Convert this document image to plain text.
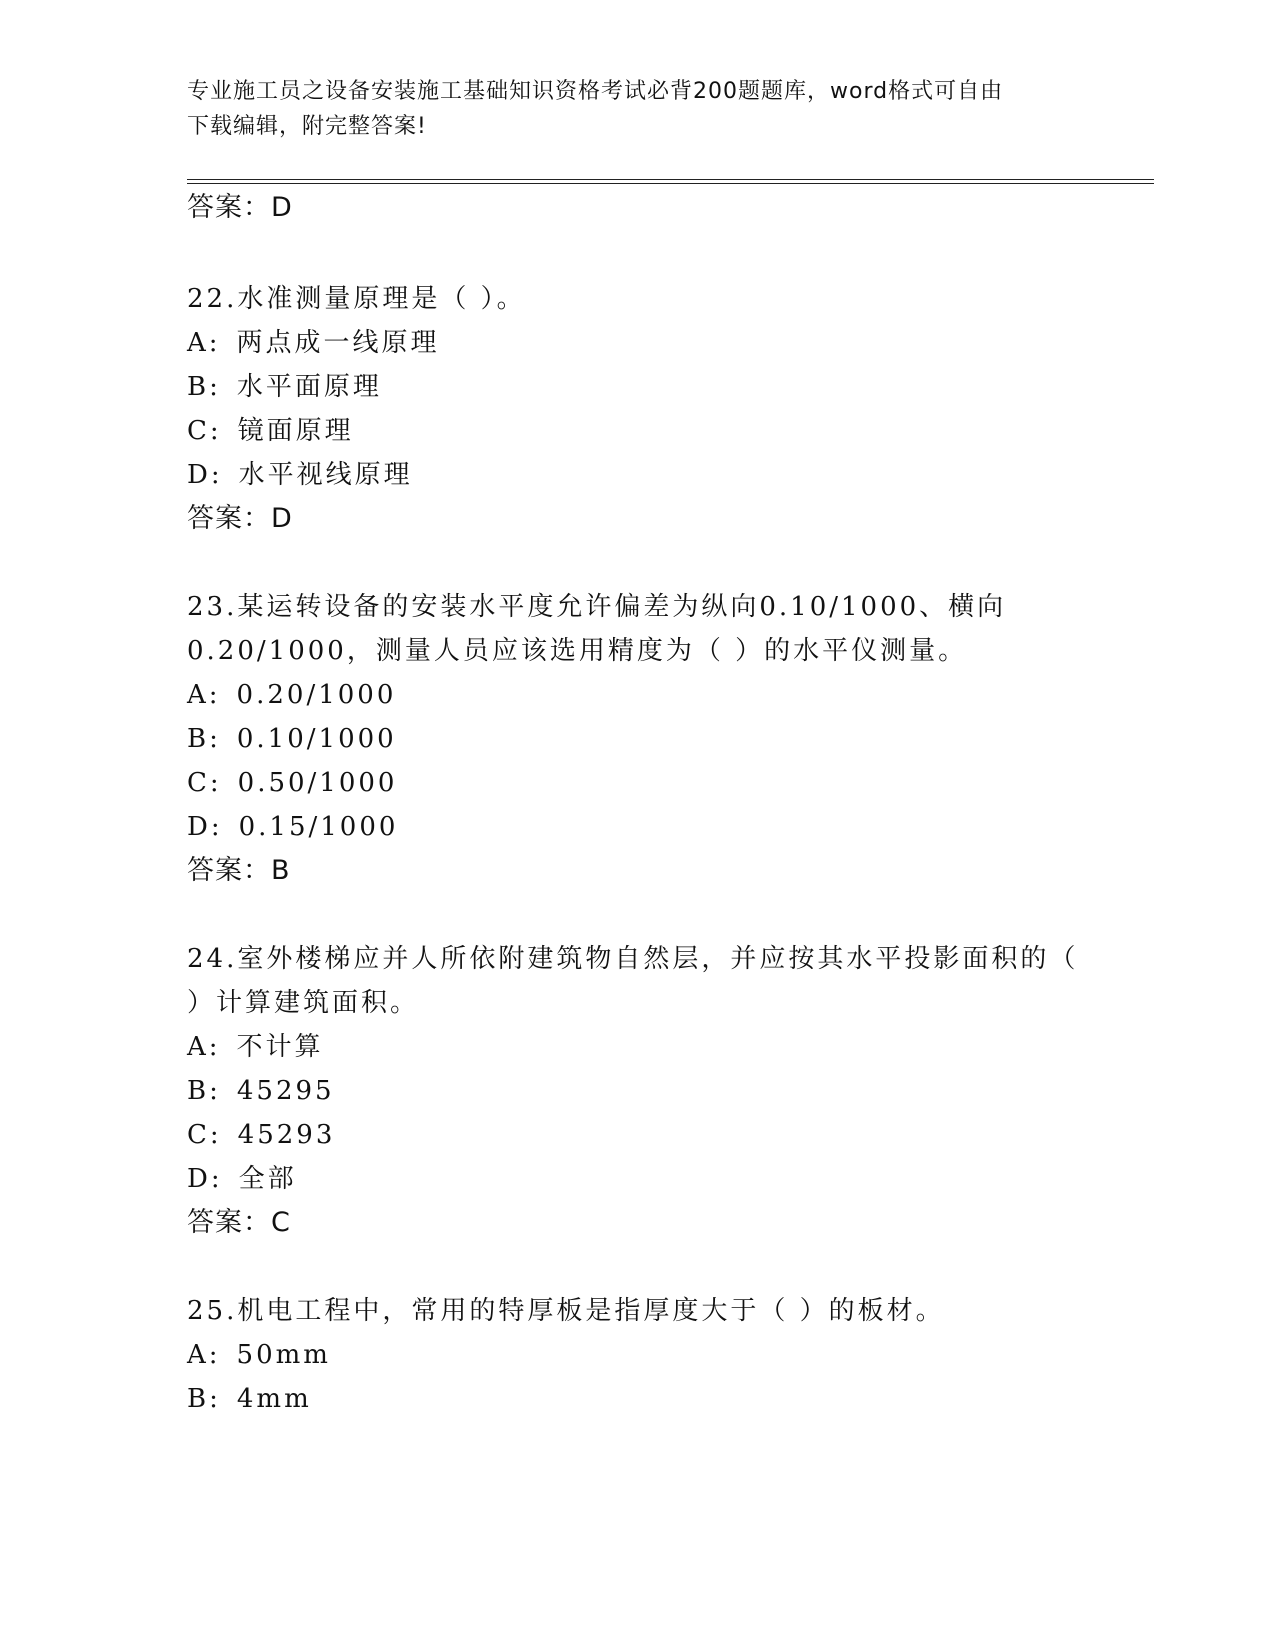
专业施工员之设备安装施工基础知识资格考试必背200题题库，word格式可自由
下载编辑，附完整答案!
答案：D
22.水准测量原理是（ ）。
A: 两点成一线原理
B: 水平面原理
C: 镜面原理
D: 水平视线原理
答案：D
23.某运转设备的安装水平度允许偏差为纵向0.10/1000、横向
0.20/1000，测量人员应该选用精度为（ ）的水平仪测量。
A: 0.20/1000
B: 0.10/1000
C: 0.50/1000
D: 0.15/1000
答案：B
24.室外楼梯应并人所依附建筑物自然层，并应按其水平投影面积的（
）计算建筑面积。
A: 不计算
B: 45295
C: 45293
D: 全部
答案：C
25.机电工程中，常用的特厚板是指厚度大于（ ）的板材。
A: 50mm
B: 4mm
